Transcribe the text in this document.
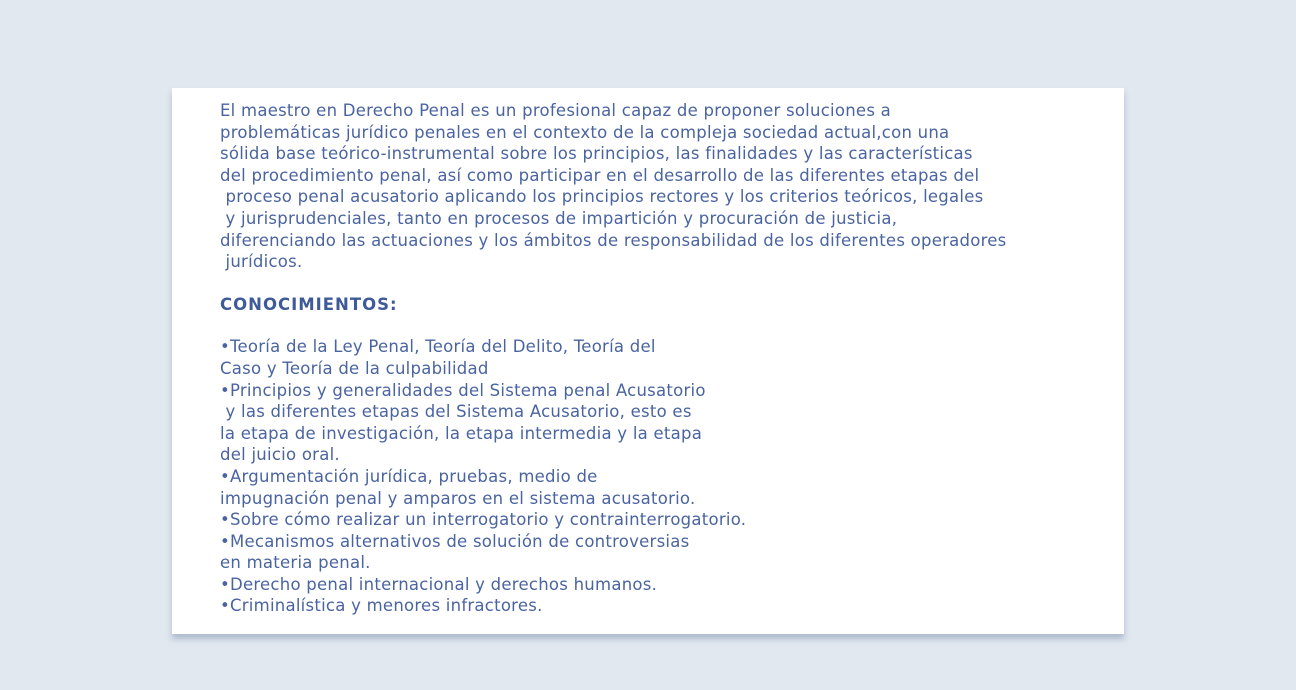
El maestro en Derecho Penal es un profesional capaz de proponer soluciones a
problemáticas jurídico penales en el contexto de la compleja sociedad actual,con una
sólida base teórico-instrumental sobre los principios, las finalidades y las características
del procedimiento penal, así como participar en el desarrollo de las diferentes etapas del
proceso penal acusatorio aplicando los principios rectores y los criterios teóricos, legales
y jurisprudenciales, tanto en procesos de impartición y procuración de justicia,
diferenciando las actuaciones y los ámbitos de responsabilidad de los diferentes operadores
jurídicos.
CONOCIMIENTOS:
•Teoría de la Ley Penal, Teoría del Delito, Teoría del
Caso y Teoría de la culpabilidad
•Principios y generalidades del Sistema penal Acusatorio
y las diferentes etapas del Sistema Acusatorio, esto es
la etapa de investigación, la etapa intermedia y la etapa
del juicio oral.
•Argumentación jurídica, pruebas, medio de
impugnación penal y amparos en el sistema acusatorio.
•Sobre cómo realizar un interrogatorio y contrainterrogatorio.
•Mecanismos alternativos de solución de controversias
en materia penal.
•Derecho penal internacional y derechos humanos.
•Criminalística y menores infractores.
